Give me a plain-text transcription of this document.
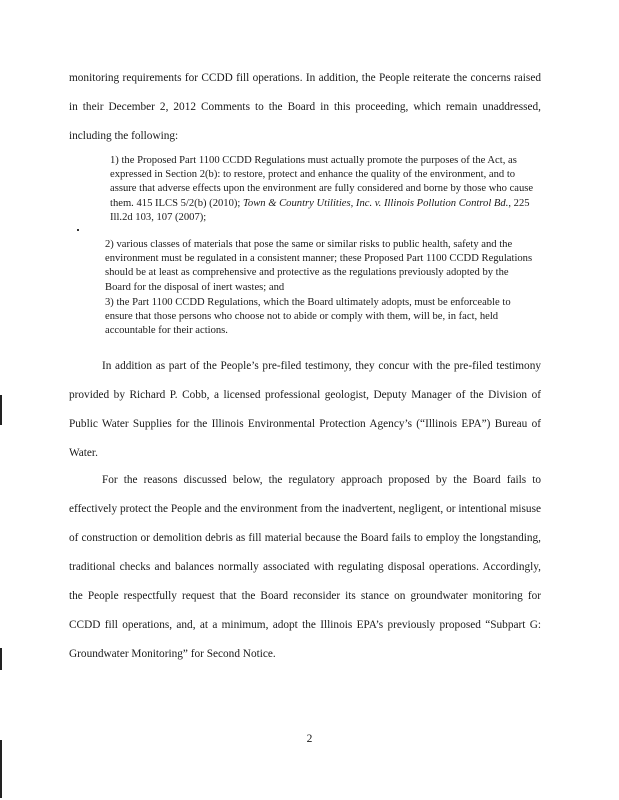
monitoring requirements for CCDD fill operations. In addition, the People reiterate the concerns raised in their December 2, 2012 Comments to the Board in this proceeding, which remain unaddressed, including the following:

1) the Proposed Part 1100 CCDD Regulations must actually promote the purposes of the Act, as expressed in Section 2(b): to restore, protect and enhance the quality of the environment, and to assure that adverse effects upon the environment are fully considered and borne by those who cause them. 415 ILCS 5/2(b) (2010); Town & Country Utilities, Inc. v. Illinois Pollution Control Bd., 225 Ill.2d 103, 107 (2007);

2) various classes of materials that pose the same or similar risks to public health, safety and the environment must be regulated in a consistent manner; these Proposed Part 1100 CCDD Regulations should be at least as comprehensive and protective as the regulations previously adopted by the Board for the disposal of inert wastes; and

3) the Part 1100 CCDD Regulations, which the Board ultimately adopts, must be enforceable to ensure that those persons who choose not to abide or comply with them, will be, in fact, held accountable for their actions.

In addition as part of the People’s pre-filed testimony, they concur with the pre-filed testimony provided by Richard P. Cobb, a licensed professional geologist, Deputy Manager of the Division of Public Water Supplies for the Illinois Environmental Protection Agency’s (“Illinois EPA”) Bureau of Water.

For the reasons discussed below, the regulatory approach proposed by the Board fails to effectively protect the People and the environment from the inadvertent, negligent, or intentional misuse of construction or demolition debris as fill material because the Board fails to employ the longstanding, traditional checks and balances normally associated with regulating disposal operations. Accordingly, the People respectfully request that the Board reconsider its stance on groundwater monitoring for CCDD fill operations, and, at a minimum, adopt the Illinois EPA’s previously proposed “Subpart G: Groundwater Monitoring” for Second Notice.

2
